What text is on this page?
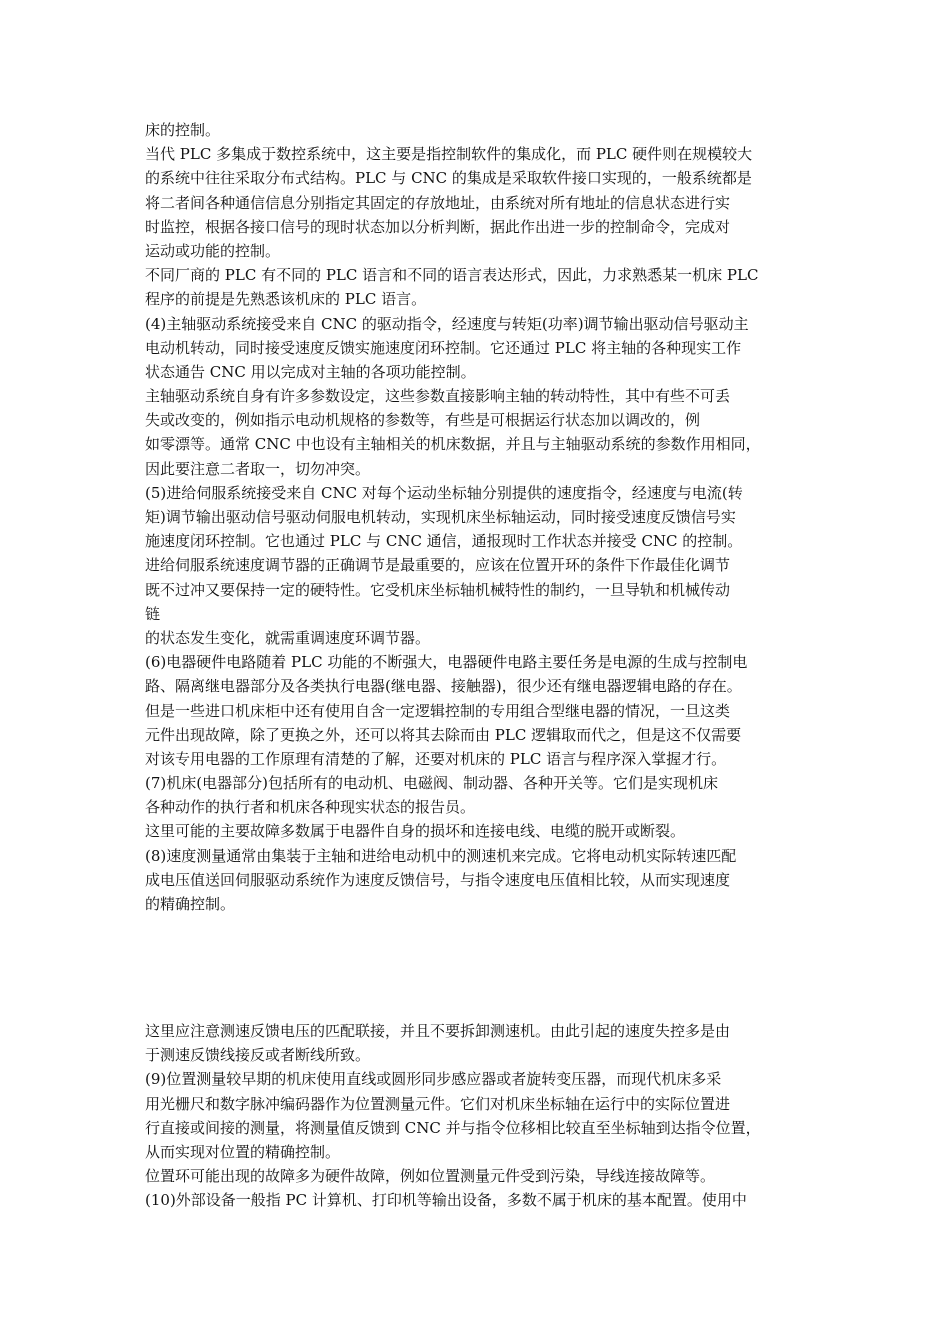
床的控制。
当代 PLC 多集成于数控系统中，这主要是指控制软件的集成化，而 PLC 硬件则在规模较大
的系统中往往采取分布式结构。PLC 与 CNC 的集成是采取软件接口实现的，一般系统都是
将二者间各种通信信息分别指定其固定的存放地址，由系统对所有地址的信息状态进行实
时监控，根据各接口信号的现时状态加以分析判断，据此作出进一步的控制命令，完成对
运动或功能的控制。
不同厂商的 PLC 有不同的 PLC 语言和不同的语言表达形式，因此，力求熟悉某一机床 PLC
程序的前提是先熟悉该机床的 PLC 语言。
(4)主轴驱动系统接受来自 CNC 的驱动指令，经速度与转矩(功率)调节输出驱动信号驱动主
电动机转动，同时接受速度反馈实施速度闭环控制。它还通过 PLC 将主轴的各种现实工作
状态通告 CNC 用以完成对主轴的各项功能控制。
主轴驱动系统自身有许多参数设定，这些参数直接影响主轴的转动特性，其中有些不可丢
失或改变的，例如指示电动机规格的参数等，有些是可根据运行状态加以调改的，例
如零漂等。通常 CNC 中也设有主轴相关的机床数据，并且与主轴驱动系统的参数作用相同，
因此要注意二者取一，切勿冲突。
(5)进给伺服系统接受来自 CNC 对每个运动坐标轴分别提供的速度指令，经速度与电流(转
矩)调节输出驱动信号驱动伺服电机转动，实现机床坐标轴运动，同时接受速度反馈信号实
施速度闭环控制。它也通过 PLC 与 CNC 通信，通报现时工作状态并接受 CNC 的控制。
进给伺服系统速度调节器的正确调节是最重要的，应该在位置开环的条件下作最佳化调节
既不过冲又要保持一定的硬特性。它受机床坐标轴机械特性的制约，一旦导轨和机械传动
链
的状态发生变化，就需重调速度环调节器。
(6)电器硬件电路随着 PLC 功能的不断强大，电器硬件电路主要任务是电源的生成与控制电
路、隔离继电器部分及各类执行电器(继电器、接触器)，很少还有继电器逻辑电路的存在。
但是一些进口机床柜中还有使用自含一定逻辑控制的专用组合型继电器的情况，一旦这类
元件出现故障，除了更换之外，还可以将其去除而由 PLC 逻辑取而代之，但是这不仅需要
对该专用电器的工作原理有清楚的了解，还要对机床的 PLC 语言与程序深入掌握才行。
(7)机床(电器部分)包括所有的电动机、电磁阀、制动器、各种开关等。它们是实现机床
各种动作的执行者和机床各种现实状态的报告员。
这里可能的主要故障多数属于电器件自身的损坏和连接电线、电缆的脱开或断裂。
(8)速度测量通常由集装于主轴和进给电动机中的测速机来完成。它将电动机实际转速匹配
成电压值送回伺服驱动系统作为速度反馈信号，与指令速度电压值相比较，从而实现速度
的精确控制。
这里应注意测速反馈电压的匹配联接，并且不要拆卸测速机。由此引起的速度失控多是由
于测速反馈线接反或者断线所致。
(9)位置测量较早期的机床使用直线或圆形同步感应器或者旋转变压器，而现代机床多采
用光栅尺和数字脉冲编码器作为位置测量元件。它们对机床坐标轴在运行中的实际位置进
行直接或间接的测量，将测量值反馈到 CNC 并与指令位移相比较直至坐标轴到达指令位置，
从而实现对位置的精确控制。
位置环可能出现的故障多为硬件故障，例如位置测量元件受到污染，导线连接故障等。
(10)外部设备一般指 PC 计算机、打印机等输出设备，多数不属于机床的基本配置。使用中
